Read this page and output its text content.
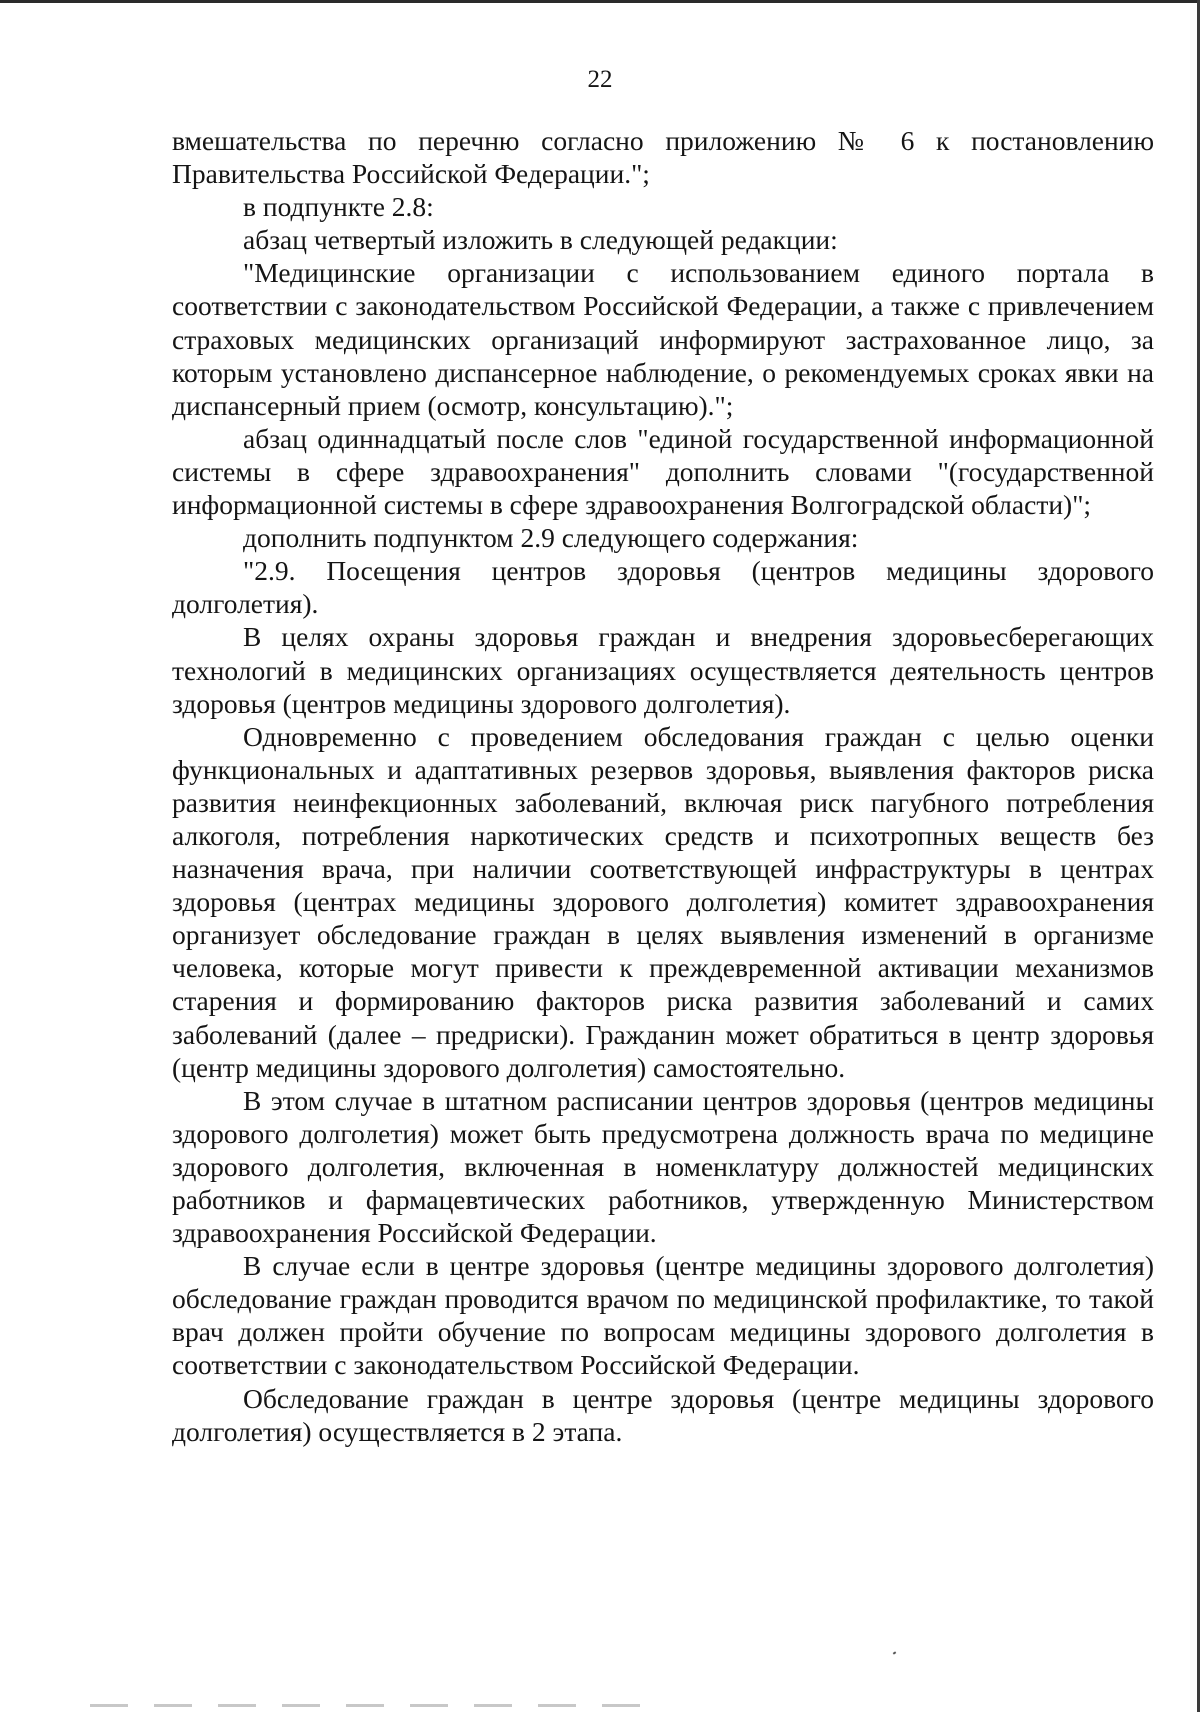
22

вмешательства по перечню согласно приложению № 6 к постановлению Правительства Российской Федерации.";

в подпункте 2.8:

абзац четвертый изложить в следующей редакции:

"Медицинские организации с использованием единого портала в соответствии с законодательством Российской Федерации, а также с привлечением страховых медицинских организаций информируют застрахованное лицо, за которым установлено диспансерное наблюдение, о рекомендуемых сроках явки на диспансерный прием (осмотр, консультацию).";

абзац одиннадцатый после слов "единой государственной информационной системы в сфере здравоохранения" дополнить словами "(государственной информационной системы в сфере здравоохранения Волгоградской области)";

дополнить подпунктом 2.9 следующего содержания:

"2.9. Посещения центров здоровья (центров медицины здорового долголетия).

В целях охраны здоровья граждан и внедрения здоровьесберегающих технологий в медицинских организациях осуществляется деятельность центров здоровья (центров медицины здорового долголетия).

Одновременно с проведением обследования граждан с целью оценки функциональных и адаптативных резервов здоровья, выявления факторов риска развития неинфекционных заболеваний, включая риск пагубного потребления алкоголя, потребления наркотических средств и психотропных веществ без назначения врача, при наличии соответствующей инфраструктуры в центрах здоровья (центрах медицины здорового долголетия) комитет здравоохранения организует обследование граждан в целях выявления изменений в организме человека, которые могут привести к преждевременной активации механизмов старения и формированию факторов риска развития заболеваний и самих заболеваний (далее – предриски). Гражданин может обратиться в центр здоровья (центр медицины здорового долголетия) самостоятельно.

В этом случае в штатном расписании центров здоровья (центров медицины здорового долголетия) может быть предусмотрена должность врача по медицине здорового долголетия, включенная в номенклатуру должностей медицинских работников и фармацевтических работников, утвержденную Министерством здравоохранения Российской Федерации.

В случае если в центре здоровья (центре медицины здорового долголетия) обследование граждан проводится врачом по медицинской профилактике, то такой врач должен пройти обучение по вопросам медицины здорового долголетия в соответствии с законодательством Российской Федерации.

Обследование граждан в центре здоровья (центре медицины здорового долголетия) осуществляется в 2 этапа.
